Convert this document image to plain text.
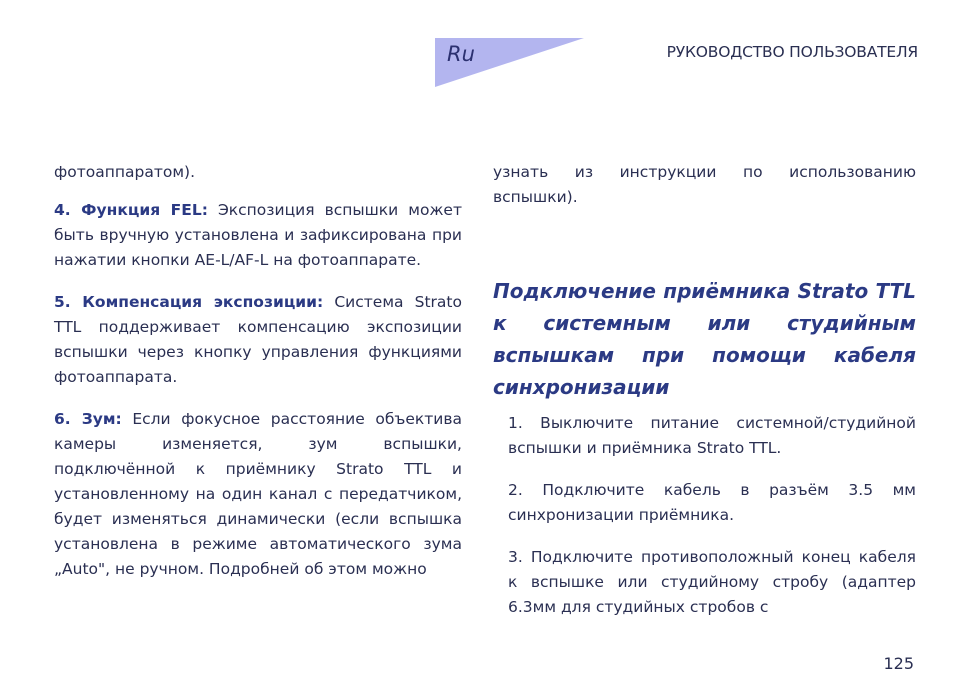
Ru	РУКОВОДСТВО ПОЛЬЗОВАТЕЛЯ

фотоаппаратом).

4. Функция FEL: Экспозиция вспышки может быть вручную установлена и зафиксирована при нажатии кнопки AE-L/AF-L на фотоаппарате.

5. Компенсация экспозиции: Система Strato TTL поддерживает компенсацию экспозиции вспышки через кнопку управления функциями фотоаппарата.

6. Зум: Если фокусное расстояние объектива камеры изменяется, зум вспышки, подключённой к приёмнику Strato TTL и установленному на один канал с передатчиком, будет изменяться динамически (если вспышка установлена в режиме автоматического зума „Auto", не ручном. Подробней об этом можно

узнать из инструкции по использованию вспышки).

Подключение приёмника Strato TTL к системным или студийным вспышкам при помощи кабеля синхронизации

1. Выключите питание системной/студийной вспышки и приёмника Strato TTL.

2. Подключите кабель в разъём 3.5 мм синхронизации приёмника.

3. Подключите противоположный конец кабеля к вспышке или студийному стробу (адаптер 6.3мм для студийных стробов с

125
